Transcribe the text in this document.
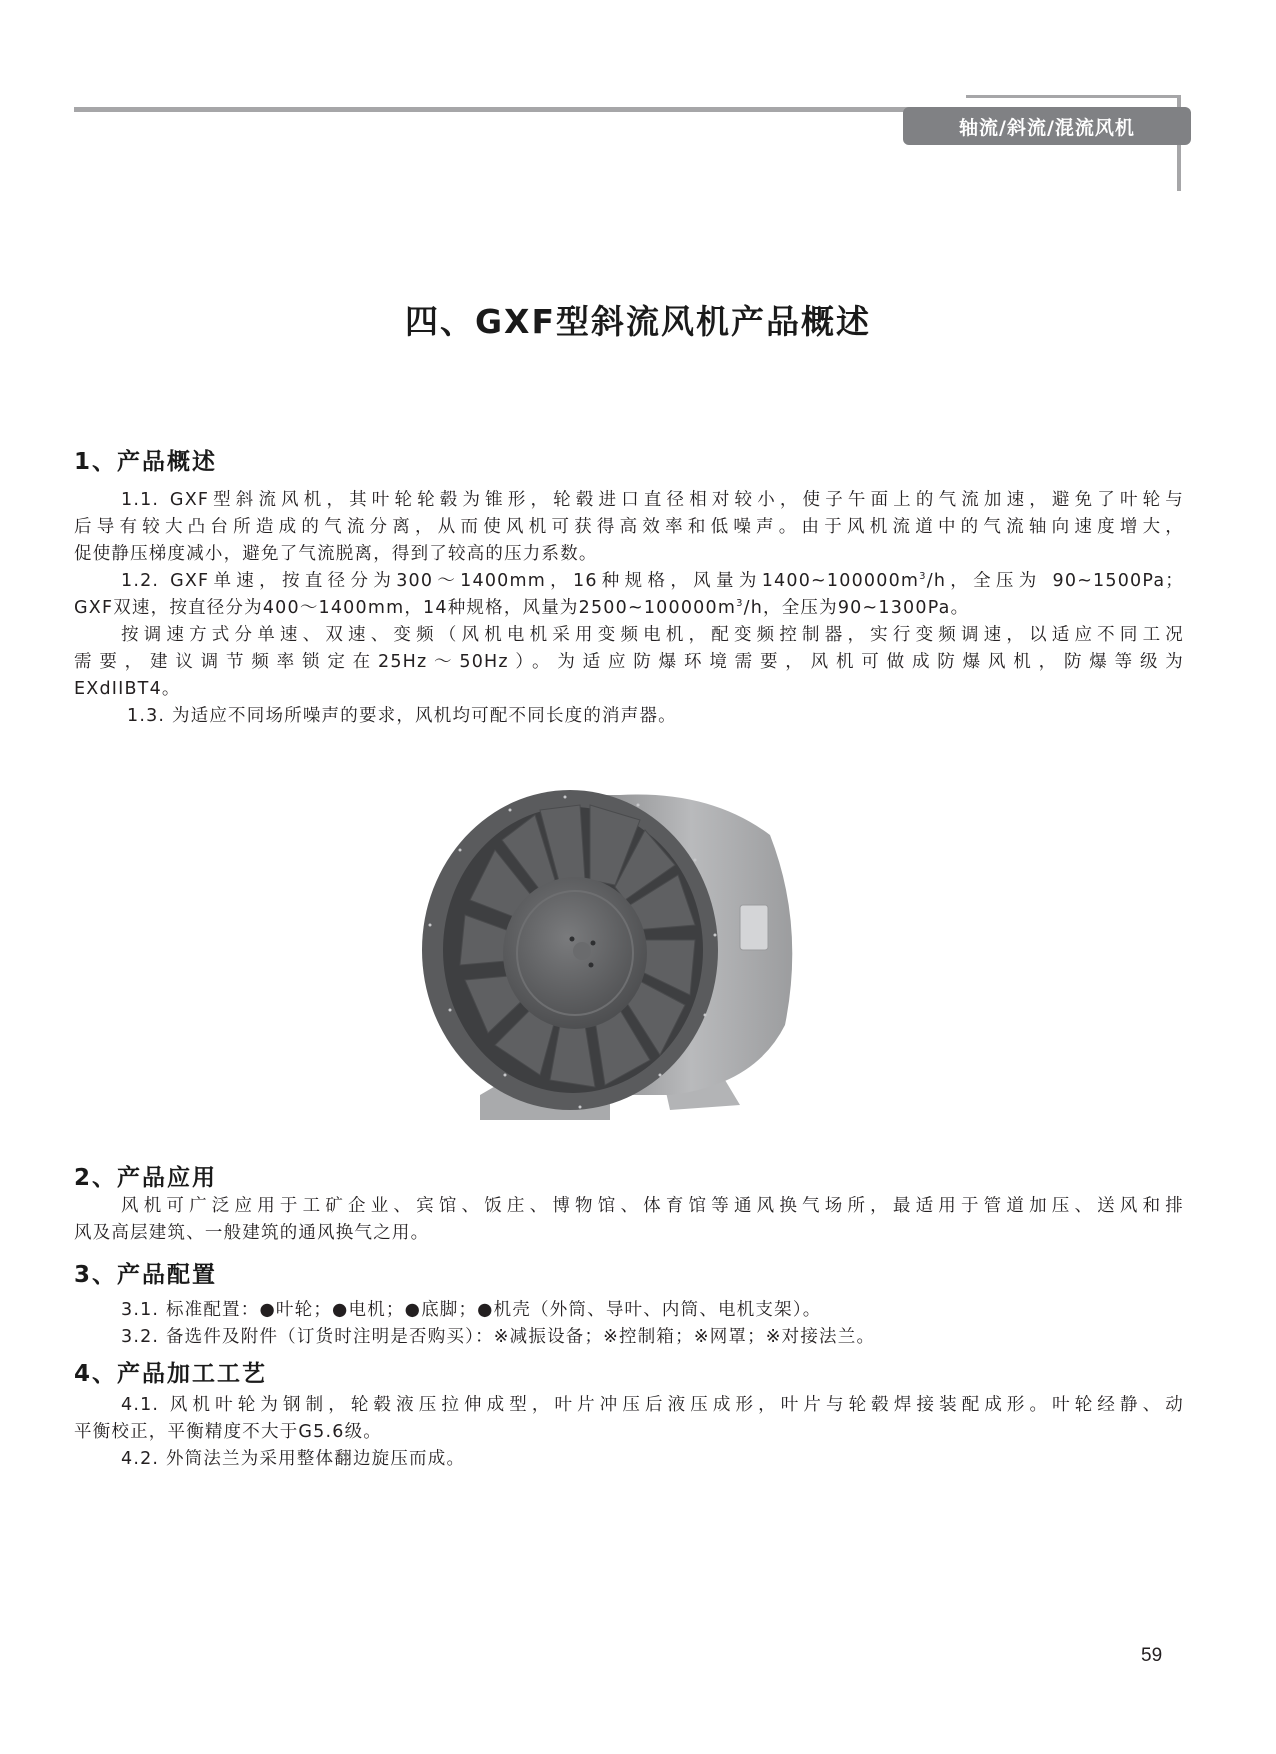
轴流/斜流/混流风机
四、GXF型斜流风机产品概述
1、产品概述

1.1. GXF型斜流风机，其叶轮轮毂为锥形，轮毂进口直径相对较小，使子午面上的气流加速，避免了叶轮与

后导有较大凸台所造成的气流分离，从而使风机可获得高效率和低噪声。由于风机流道中的气流轴向速度增大，

促使静压梯度减小，避免了气流脱离，得到了较高的压力系数。

1.2. GXF单速，按直径分为300～1400mm，16种规格，风量为$1400\sim 100000m^3/h$，全压为 90~1500Pa；

GXF双速，按直径分为400～1400mm，14种规格，风量为$2500\sim 100000m^3/h$，全压为90~1300Pa。

按调速方式分单速、双速、变频（风机电机采用变频电机，配变频控制器，实行变频调速，以适应不同工况

需要，建议调节频率锁定在25Hz～50Hz）。为适应防爆环境需要，风机可做成防爆风机，防爆等级为

EXdIIBT4。

1.3. 为适应不同场所噪声的要求，风机均可配不同长度的消声器。

2、产品应用

风机可广泛应用于工矿企业、宾馆、饭庄、博物馆、体育馆等通风换气场所，最适用于管道加压、送风和排

风及高层建筑、一般建筑的通风换气之用。

3、产品配置

3.1. 标准配置：●叶轮；●电机；●底脚；●机壳（外筒、导叶、内筒、电机支架）。

3.2. 备选件及附件（订货时注明是否购买）：※减振设备；※控制箱；※网罩；※对接法兰。

4、产品加工工艺

4.1. 风机叶轮为钢制，轮毂液压拉伸成型，叶片冲压后液压成形，叶片与轮毂焊接装配成形。叶轮经静、动

平衡校正，平衡精度不大于G5.6级。

4.2. 外筒法兰为采用整体翻边旋压而成。

59
